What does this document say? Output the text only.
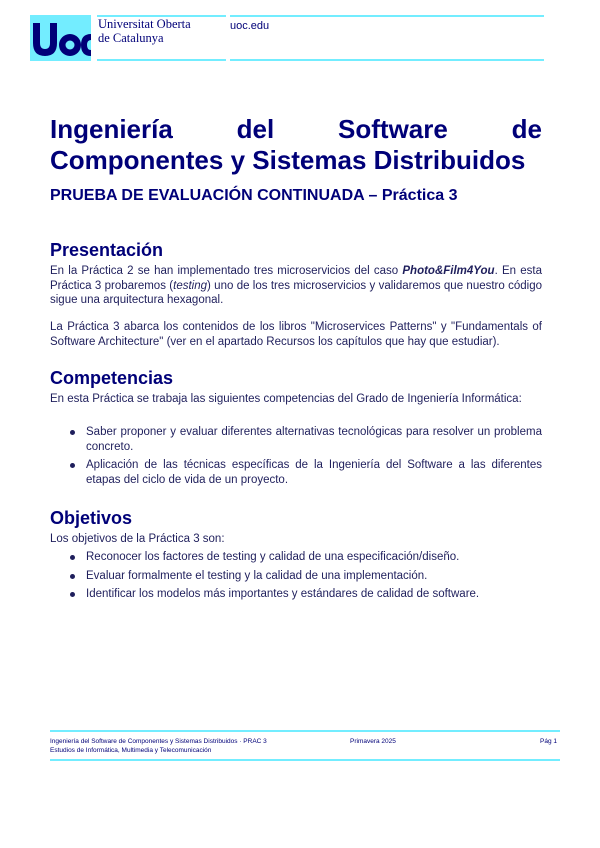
Universitat Oberta
de Catalunya
uoc.edu
Ingeniería del Software de Componentes y Sistemas Distribuidos
PRUEBA DE EVALUACIÓN CONTINUADA – Práctica 3
Presentación

En la Práctica 2 se han implementado tres microservicios del caso Photo&Film4You. En esta Práctica 3 probaremos (testing) uno de los tres microservicios y validaremos que nuestro código sigue una arquitectura hexagonal.

La Práctica 3 abarca los contenidos de los libros "Microservices Patterns" y "Fundamentals of Software Architecture" (ver en el apartado Recursos los capítulos que hay que estudiar).

Competencias

En esta Práctica se trabaja las siguientes competencias del Grado de Ingeniería Informática:

Saber proponer y evaluar diferentes alternativas tecnológicas para resolver un problema concreto.
Aplicación de las técnicas específicas de la Ingeniería del Software a las diferentes etapas del ciclo de vida de un proyecto.
Objetivos

Los objetivos de la Práctica 3 son:

Reconocer los factores de testing y calidad de una especificación/diseño.
Evaluar formalmente el testing y la calidad de una implementación.
Identificar los modelos más importantes y estándares de calidad de software.
Ingeniería del Software de Componentes y Sistemas Distribuidos · PRAC 3
Estudios de Informática, Multimedia y Telecomunicación
Primavera 2025	Pág 1
